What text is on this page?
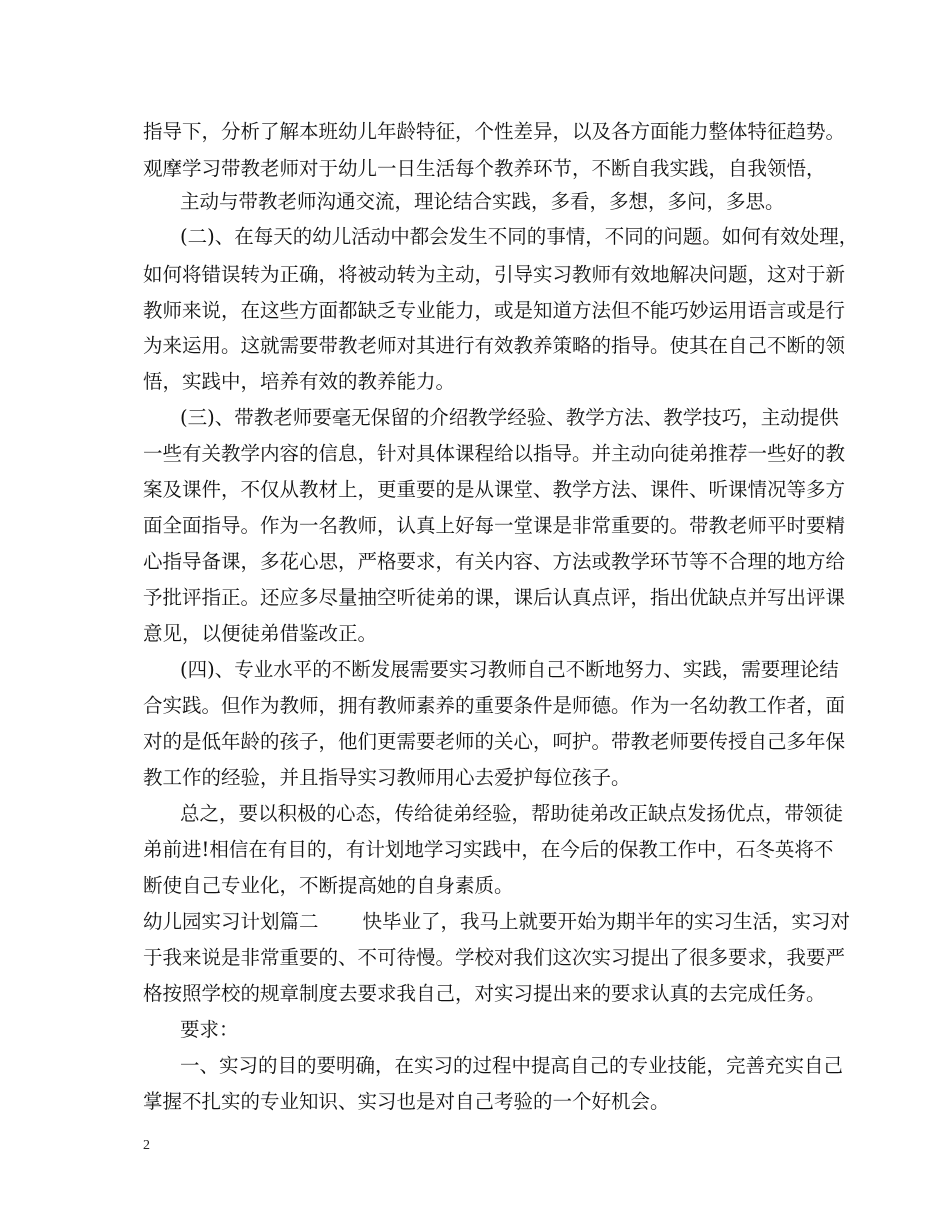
指导下，分析了解本班幼儿年龄特征，个性差异，以及各方面能力整体特征趋势。
观摩学习带教老师对于幼儿一日生活每个教养环节，不断自我实践，自我领悟，
主动与带教老师沟通交流，理论结合实践，多看，多想，多问，多思。
(二)、在每天的幼儿活动中都会发生不同的事情，不同的问题。如何有效处理，
如何将错误转为正确，将被动转为主动，引导实习教师有效地解决问题，这对于新
教师来说，在这些方面都缺乏专业能力，或是知道方法但不能巧妙运用语言或是行
为来运用。这就需要带教老师对其进行有效教养策略的指导。使其在自己不断的领
悟，实践中，培养有效的教养能力。
(三)、带教老师要毫无保留的介绍教学经验、教学方法、教学技巧，主动提供
一些有关教学内容的信息，针对具体课程给以指导。并主动向徒弟推荐一些好的教
案及课件，不仅从教材上，更重要的是从课堂、教学方法、课件、听课情况等多方
面全面指导。作为一名教师，认真上好每一堂课是非常重要的。带教老师平时要精
心指导备课，多花心思，严格要求，有关内容、方法或教学环节等不合理的地方给
予批评指正。还应多尽量抽空听徒弟的课，课后认真点评，指出优缺点并写出评课
意见，以便徒弟借鉴改正。
(四)、专业水平的不断发展需要实习教师自己不断地努力、实践，需要理论结
合实践。但作为教师，拥有教师素养的重要条件是师德。作为一名幼教工作者，面
对的是低年龄的孩子，他们更需要老师的关心，呵护。带教老师要传授自己多年保
教工作的经验，并且指导实习教师用心去爱护每位孩子。
总之，要以积极的心态，传给徒弟经验，帮助徒弟改正缺点发扬优点，带领徒
弟前进!相信在有目的，有计划地学习实践中，在今后的保教工作中，石冬英将不
断使自己专业化，不断提高她的自身素质。
幼儿园实习计划篇二 快毕业了，我马上就要开始为期半年的实习生活，实习对
于我来说是非常重要的、不可待慢。学校对我们这次实习提出了很多要求，我要严
格按照学校的规章制度去要求我自己，对实习提出来的要求认真的去完成任务。
要求：
一、实习的目的要明确，在实习的过程中提高自己的专业技能，完善充实自己
掌握不扎实的专业知识、实习也是对自己考验的一个好机会。
2
